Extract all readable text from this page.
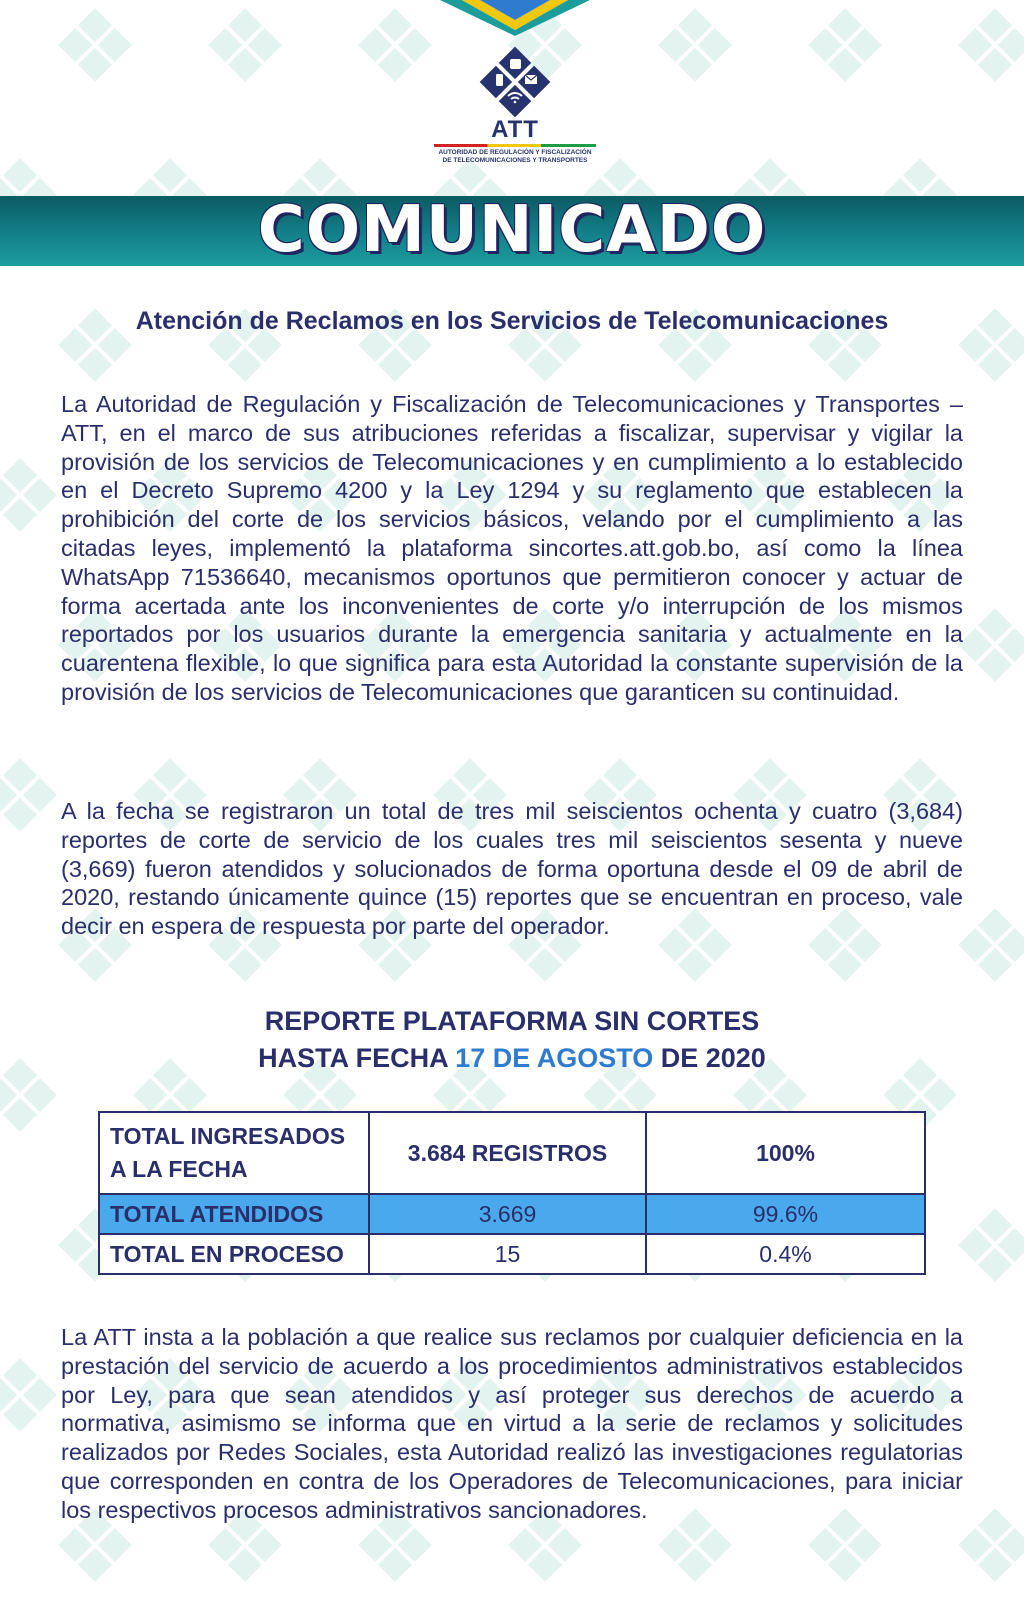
ATT
AUTORIDAD DE REGULACIÓN Y FISCALIZACIÓN
DE TELECOMUNICACIONES Y TRANSPORTES
COMUNICADO
Atención de Reclamos en los Servicios de Telecomunicaciones
La Autoridad de Regulación y Fiscalización de Telecomunicaciones y Transportes – ATT, en el marco de sus atribuciones referidas a fiscalizar, supervisar y vigilar la provisión de los servicios de Telecomunicaciones y en cumplimiento a lo establecido en el Decreto Supremo 4200 y la Ley 1294 y su reglamento que establecen la prohibición del corte de los servicios básicos, velando por el cumplimiento a las citadas leyes, implementó la plataforma sincortes.att.gob.bo, así como la línea WhatsApp 71536640, mecanismos oportunos que permitieron conocer y actuar de forma acertada ante los inconvenientes de corte y/o interrupción de los mismos reportados por los usuarios durante la emergencia sanitaria y actualmente en la cuarentena flexible, lo que significa para esta Autoridad la constante supervisión de la provisión de los servicios de Telecomunicaciones que garanticen su continuidad.
A la fecha se registraron un total de tres mil seiscientos ochenta y cuatro (3,684) reportes de corte de servicio de los cuales tres mil seiscientos sesenta y nueve (3,669) fueron atendidos y solucionados de forma oportuna desde el 09 de abril de 2020, restando únicamente quince (15) reportes que se encuentran en proceso, vale decir en espera de respuesta por parte del operador.
REPORTE PLATAFORMA SIN CORTES
HASTA FECHA 17 DE AGOSTO DE 2020
TOTAL INGRESADOS A LA FECHA	3.684 REGISTROS	100%
TOTAL ATENDIDOS	3.669	99.6%
TOTAL EN PROCESO	15	0.4%
La ATT insta a la población a que realice sus reclamos por cualquier deficiencia en la prestación del servicio de acuerdo a los procedimientos administrativos establecidos por Ley, para que sean atendidos y así proteger sus derechos de acuerdo a normativa, asimismo se informa que en virtud a la serie de reclamos y solicitudes realizados por Redes Sociales, esta Autoridad realizó las investigaciones regulatorias que corresponden en contra de los Operadores de Telecomunicaciones, para iniciar los respectivos procesos administrativos sancionadores.
